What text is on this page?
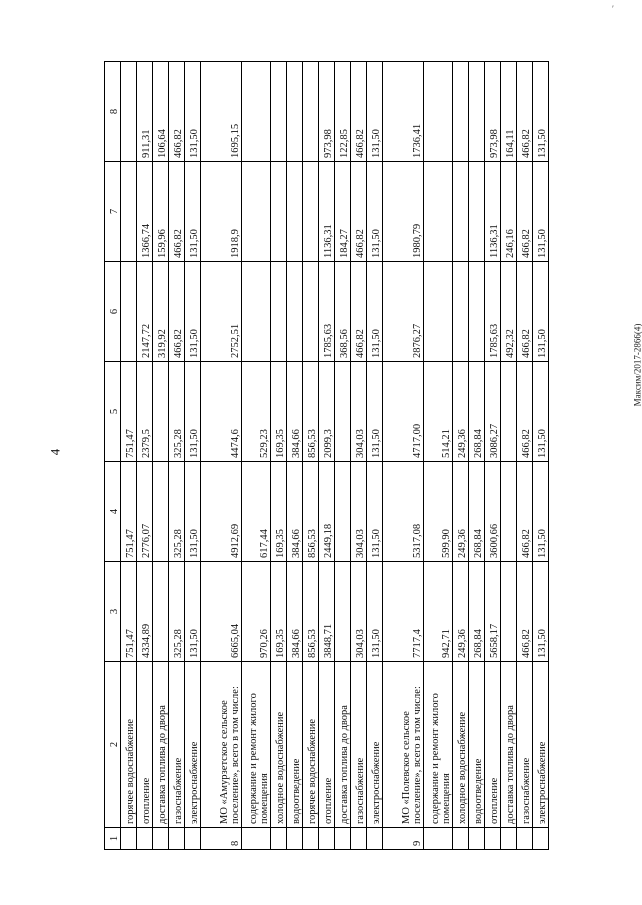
′
4
Максим/2017-2866(4)
1	2	3	4	5	6	7	8
	горячее водоснабжение	751,47	751,47	751,47			
	отопление	4334,89	2776,07	2379,5	2147,72	1366,74	911,31
	доставка топлива до двора				319,92	159,96	106,64
	газоснабжение	325,28	325,28	325,28	466,82	466,82	466,82
	электроснабжение	131,50	131,50	131,50	131,50	131,50	131,50
8	МО «Амурзетское сельское поселение», всего в том числе:	6665,04	4912,69	4474,6	2752,51	1918,9	1695,15
	содержание и ремонт жилого помещения	970,26	617,44	529,23			
	холодное водоснабжение	169,35	169,35	169,35			
	водоотведение	384,66	384,66	384,66			
	горячее водоснабжение	856,53	856,53	856,53			
	отопление	3848,71	2449,18	2099,3	1785,63	1136,31	973,98
	доставка топлива до двора				368,56	184,27	122,85
	газоснабжение	304,03	304,03	304,03	466,82	466,82	466,82
	электроснабжение	131,50	131,50	131,50	131,50	131,50	131,50
9	МО «Полевское сельское поселение», всего в том числе:	7717,4	5317,08	4717,00	2876,27	1980,79	1736,41
	содержание и ремонт жилого помещения	942,71	599,90	514,21			
	холодное водоснабжение	249,36	249,36	249,36			
	водоотведение	268,84	268,84	268,84			
	отопление	5658,17	3600,66	3086,27	1785,63	1136,31	973,98
	доставка топлива до двора				492,32	246,16	164,11
	газоснабжение	466,82	466,82	466,82	466,82	466,82	466,82
	электроснабжение	131,50	131,50	131,50	131,50	131,50	131,50
